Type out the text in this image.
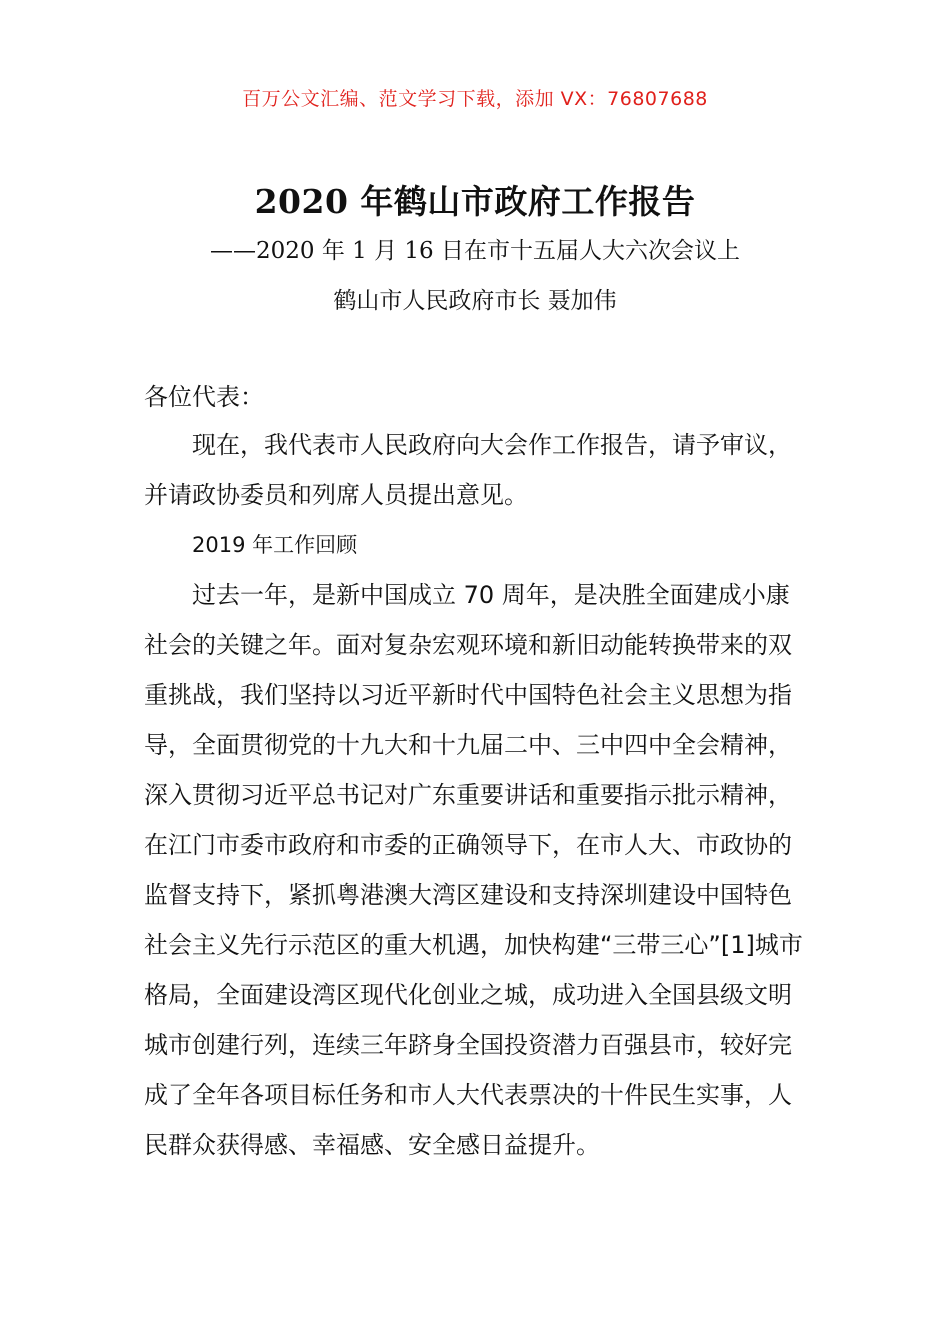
百万公文汇编、范文学习下载，添加 VX：76807688
2020 年鹤山市政府工作报告
——2020 年 1 月 16 日在市十五届人大六次会议上
鹤山市人民政府市长 聂加伟

各位代表：

现在，我代表市人民政府向大会作工作报告，请予审议，并请政协委员和列席人员提出意见。

2019 年工作回顾

过去一年，是新中国成立 70 周年，是决胜全面建成小康社会的关键之年。面对复杂宏观环境和新旧动能转换带来的双重挑战，我们坚持以习近平新时代中国特色社会主义思想为指导，全面贯彻党的十九大和十九届二中、三中四中全会精神，深入贯彻习近平总书记对广东重要讲话和重要指示批示精神，在江门市委市政府和市委的正确领导下，在市人大、市政协的监督支持下，紧抓粤港澳大湾区建设和支持深圳建设中国特色社会主义先行示范区的重大机遇，加快构建“三带三心”[1]城市格局，全面建设湾区现代化创业之城，成功进入全国县级文明城市创建行列，连续三年跻身全国投资潜力百强县市，较好完成了全年各项目标任务和市人大代表票决的十件民生实事，人民群众获得感、幸福感、安全感日益提升。
